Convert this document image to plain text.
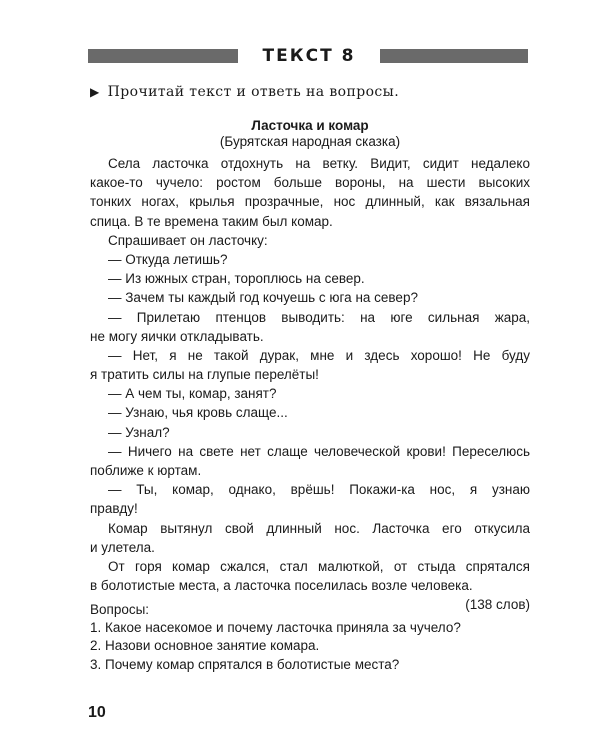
ТЕКСТ 8
▶ Прочитай текст и ответь на вопросы.
Ласточка и комар
(Бурятская народная сказка)
Села ласточка отдохнуть на ветку. Видит, сидит недалеко
какое-то чучело: ростом больше вороны, на шести высоких
тонких ногах, крылья прозрачные, нос длинный, как вязальная
спица. В те времена таким был комар.
Спрашивает он ласточку:
— Откуда летишь?
— Из южных стран, тороплюсь на север.
— Зачем ты каждый год кочуешь с юга на север?
— Прилетаю птенцов выводить: на юге сильная жара,
не могу яички откладывать.
— Нет, я не такой дурак, мне и здесь хорошо! Не буду
я тратить силы на глупые перелёты!
— А чем ты, комар, занят?
— Узнаю, чья кровь слаще...
— Узнал?
— Ничего на свете нет слаще человеческой крови! Переселюсь
поближе к юртам.
— Ты, комар, однако, врёшь! Покажи-ка нос, я узнаю
правду!
Комар вытянул свой длинный нос. Ласточка его откусила
и улетела.
От горя комар сжался, стал малюткой, от стыда спрятался
в болотистые места, а ласточка поселилась возле человека.
(138 слов)
Вопросы:
1. Какое насекомое и почему ласточка приняла за чучело?
2. Назови основное занятие комара.
3. Почему комар спрятался в болотистые места?
10
